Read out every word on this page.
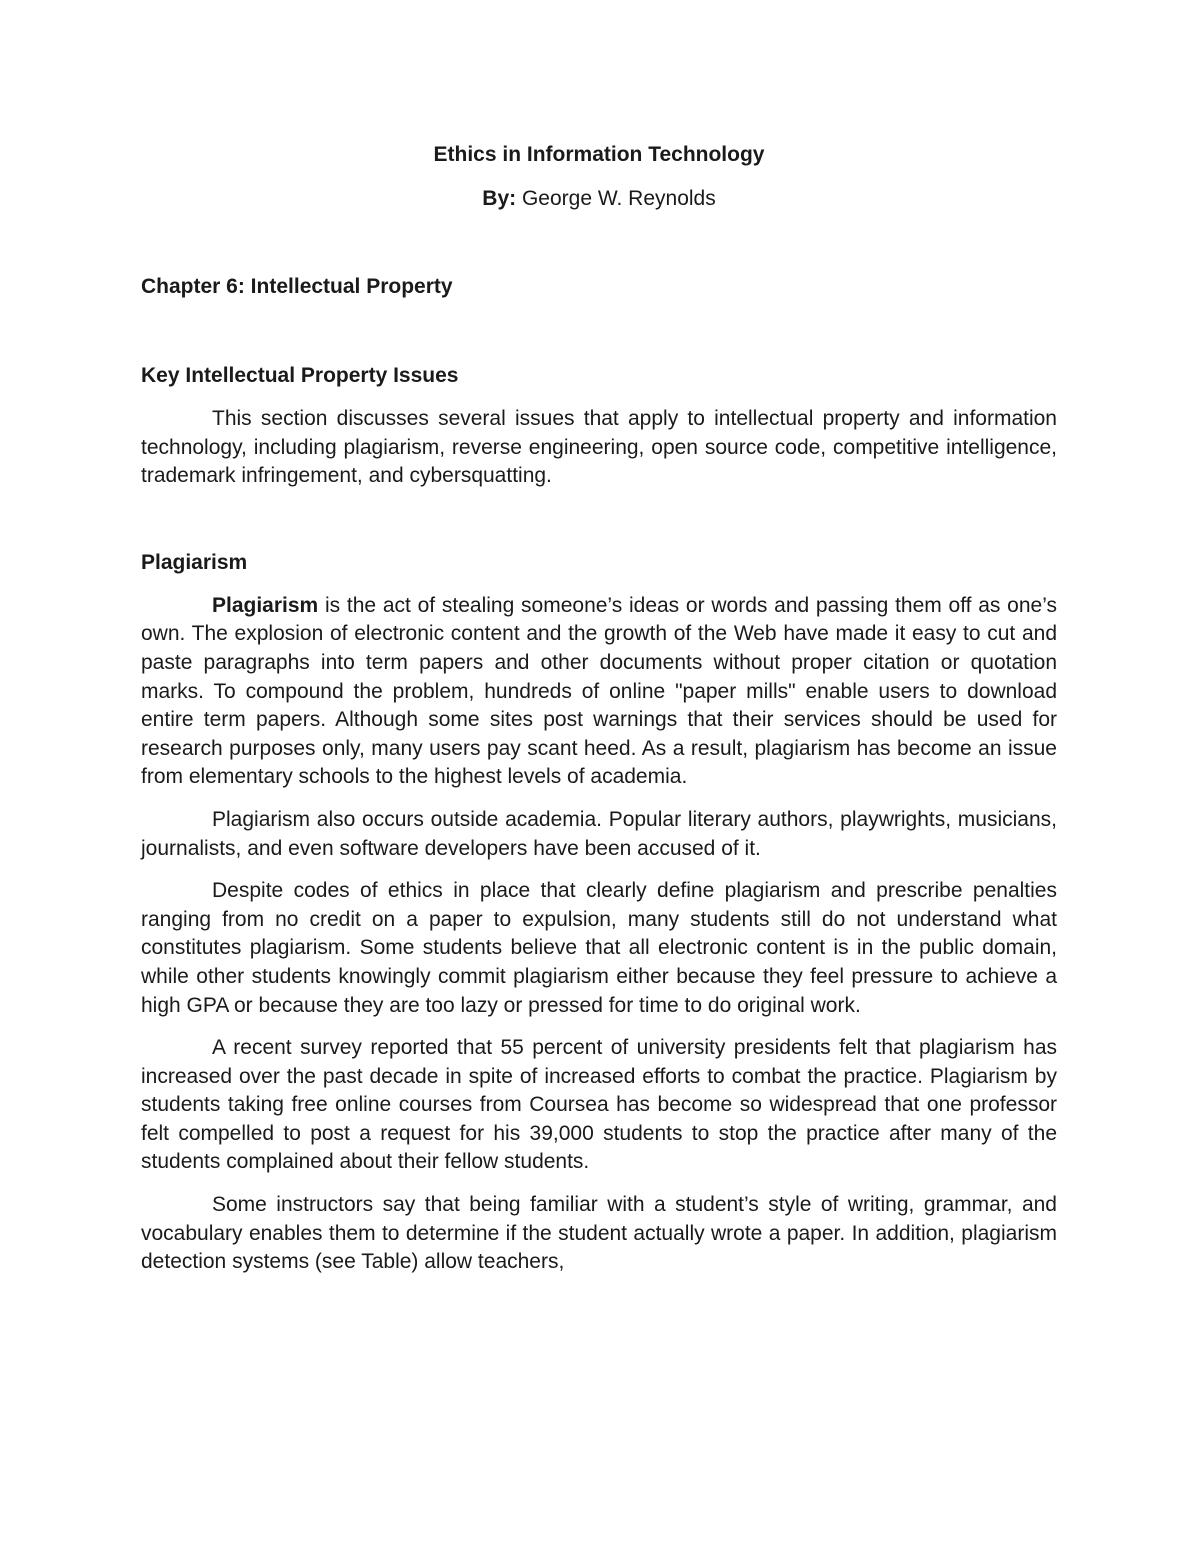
Ethics in Information Technology
By: George W. Reynolds
Chapter 6: Intellectual Property
Key Intellectual Property Issues

This section discusses several issues that apply to intellectual property and information technology, including plagiarism, reverse engineering, open source code, competitive intelligence, trademark infringement, and cybersquatting.

Plagiarism

Plagiarism is the act of stealing someone’s ideas or words and passing them off as one’s own. The explosion of electronic content and the growth of the Web have made it easy to cut and paste paragraphs into term papers and other documents without proper citation or quotation marks. To compound the problem, hundreds of online "paper mills" enable users to download entire term papers. Although some sites post warnings that their services should be used for research purposes only, many users pay scant heed. As a result, plagiarism has become an issue from elementary schools to the highest levels of academia.

Plagiarism also occurs outside academia. Popular literary authors, playwrights, musicians, journalists, and even software developers have been accused of it.

Despite codes of ethics in place that clearly define plagiarism and prescribe penalties ranging from no credit on a paper to expulsion, many students still do not understand what constitutes plagiarism. Some students believe that all electronic content is in the public domain, while other students knowingly commit plagiarism either because they feel pressure to achieve a high GPA or because they are too lazy or pressed for time to do original work.

A recent survey reported that 55 percent of university presidents felt that plagiarism has increased over the past decade in spite of increased efforts to combat the practice. Plagiarism by students taking free online courses from Coursea has become so widespread that one professor felt compelled to post a request for his 39,000 students to stop the practice after many of the students complained about their fellow students.

Some instructors say that being familiar with a student’s style of writing, grammar, and vocabulary enables them to determine if the student actually wrote a paper. In addition, plagiarism detection systems (see Table) allow teachers,
